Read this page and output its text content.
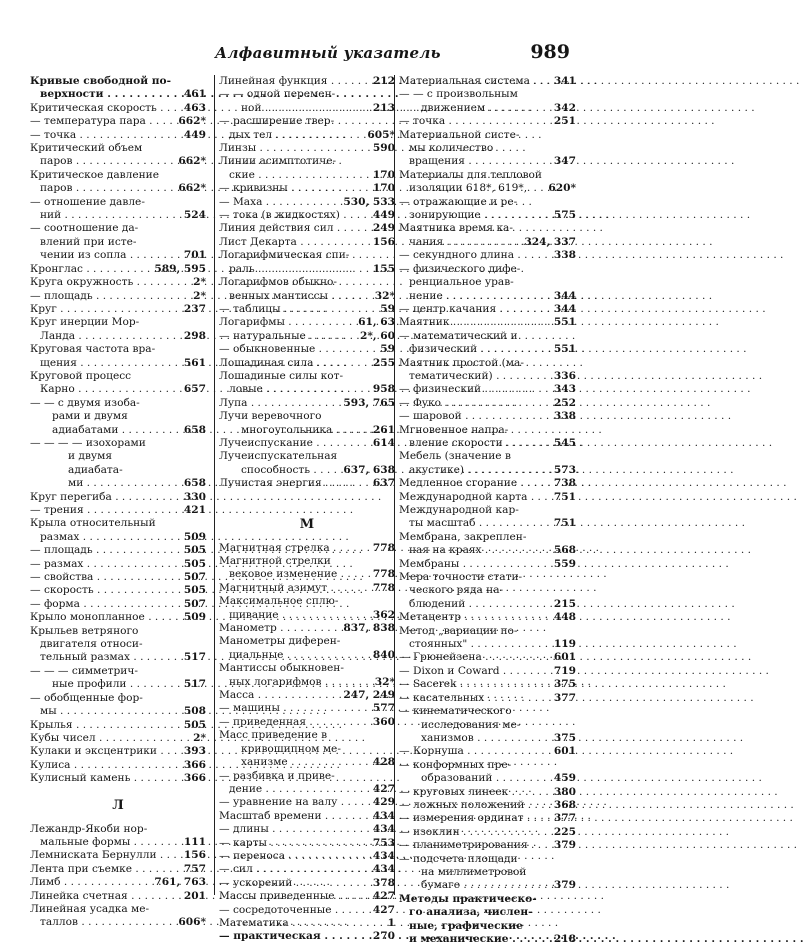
Алфавитный указатель	989
Кривые свободной по-
верхности . . .	461
Критическая скорость . . .	463
— температура пара . . .	662*
— точка . . .	449
Критический объем
паров . . .	662*
Критическое давление
паров . . .	662*
— отношение давле-
ний . . .	524
— соотношение да-
влений при исте-
чении из сопла . . .	701
Кронглас . . .	589, 595
Круга окружность . . .	2*
— площадь . . .	2*
Круг . . .	237
Круг инерции Мор-
Ланда . . .	298
Круговая частота вра-
щения . . .	561
Круговой процесс
Карно . . .	657
— — с двумя изоба-
рами и двумя
адиабатами . . .	658
— — — — изохорами
и двумя
адиабата-
ми . . .	658
Круг перегиба . . .	330
— трения . . .	421
Крыла относительный
размах . . .	509
— площадь . . .	505
— размах . . .	505
— свойства . . .	507
— скорость . . .	505
— форма . . .	507
Крыло монопланное . . .	509
Крыльев ветряного
двигателя относи-
тельный размах . . .	517
— — — симметрич-
ные профили . . .	517
— обобщенные фор-
мы . . .	508
Крылья . . .	505
Кубы чисел . . .	2*
Кулаки и эксцентрики . . .	393
Кулиса . . .	366
Кулисный камень . . .	366
Л
Лежандр-Якоби нор-
мальные формы . . .	111
Лемниската Бернулли . . .	156
Лента при съемке . . .	757
Лимб . . .	761, 763
Линейка счетная . . .	201
Линейная усадка ме-
таллов . . .	606*
Линейная функция . . .	212
— — одной перемен-
ной . . .	213
— расширение твер-
дых тел . . .	605*
Линзы . . .	590
Линии асимптотиче-
ские . . .	170
— кривизны . . .	170
— Маха . . .	530, 533
— тока (в жидкостях) . . .	449
Линия действия сил . . .	249
Лист Декарта . . .	156
Логарифмическая спи-
раль . . .	155
Логарифмов обыкно-
венных мантиссы . . .	32*
— таблицы . . .	59
Логарифмы . . .	61, 63
— натуральные . . .	2*, 60
— обыкновенные . . .	59
Лошадиная сила . . .	255
Лошадиные силы кот-
ловые . . .	958
Лупа . . .	593, 765
Лучи веревочного
многоугольника . . .	261
Лучеиспускание . . .	614
Лучеиспускательная
способность . . .	637, 638
Лучистая энергия . . .	637
М
Магнитная стрелка . . .	778
Магнитной стрелки
вековое изменение . . .	778
Магнитный азимут . . .	778
Максимальное сплю-
щивание . . .	362
Манометр . . .	837, 838
Манометры диферен-
циальные . . .	840
Мантиссы обыкновен-
ных логарифмов . . .	32*
Масса . . .	247, 249
— машины . . .	577
— приведенная . . .	360
Масс приведение в
кривошипном ме-
ханизме . . .	428
— разбивка и приве-
дение . . .	427
— уравнение на валу . . .	429
Масштаб времени . . .	434
— длины . . .	434
— карты . . .	753
— переноса . . .	434
— сил . . .	434
— ускорений . . .	378
Массы приведенные . . .	427
— сосредоточенные . . .	427
Математика . . .	1
— практическая . . .	270
Материальная система . . .	341
— — с произвольным
движением . . .	342
— точка . . .	251
Материальной систе-
мы количество
вращения . . .	347
Материалы для тепловой
изоляции 618*, 619*,	620*
— отражающие и ре-
зонирующие . . .	575
Маятника время ка-
чания . . .	324, 337
— секундного длина . . .	338
— физического дифе-
ренциальное урав-
нение . . .	344
— центр качания . . .	344
Маятник . . .	551
— математический и
физический . . .	551
Маятник простой (ма-
тематический) . . .	336
— физический . . .	343
— Фуко . . .	252
— шаровой . . .	338
Мгновенное напра-
вление скорости . . .	545
Мебель (значение в
акустике) . . .	573
Медленное сгорание . . .	738
Международной карта . . .	751
Международной кар-
ты масштаб . . .	751
Мембрана, закреплен-
ная на краях . . .	568
Мембраны . . .	559
Мера точности стати-
ческого ряда на-
блюдений . . .	215
Метацентр . . .	448
Метод „вариации по-
стоянных" . . .	119
— Грюнейзена . . .	601
— Dixon и Coward . . .	719
— Sacerek . . .	375
— касательных . . .	377
— кинематического
исследования ме-
ханизмов . . .	375
— Корнуша . . .	601
— конформных пре-
образований . . .	459
— круговых линеек . . .	380
— ложных положений . . .	368
— измерения ординат . . .	377
— изоклин . . .	225
— планиметрирования . . .	379
— подсчета площади
на миллиметровой
бумаге . . .	379
Методы практическо-
го анализа, числен-
ные, графические
и механические . . .	218
